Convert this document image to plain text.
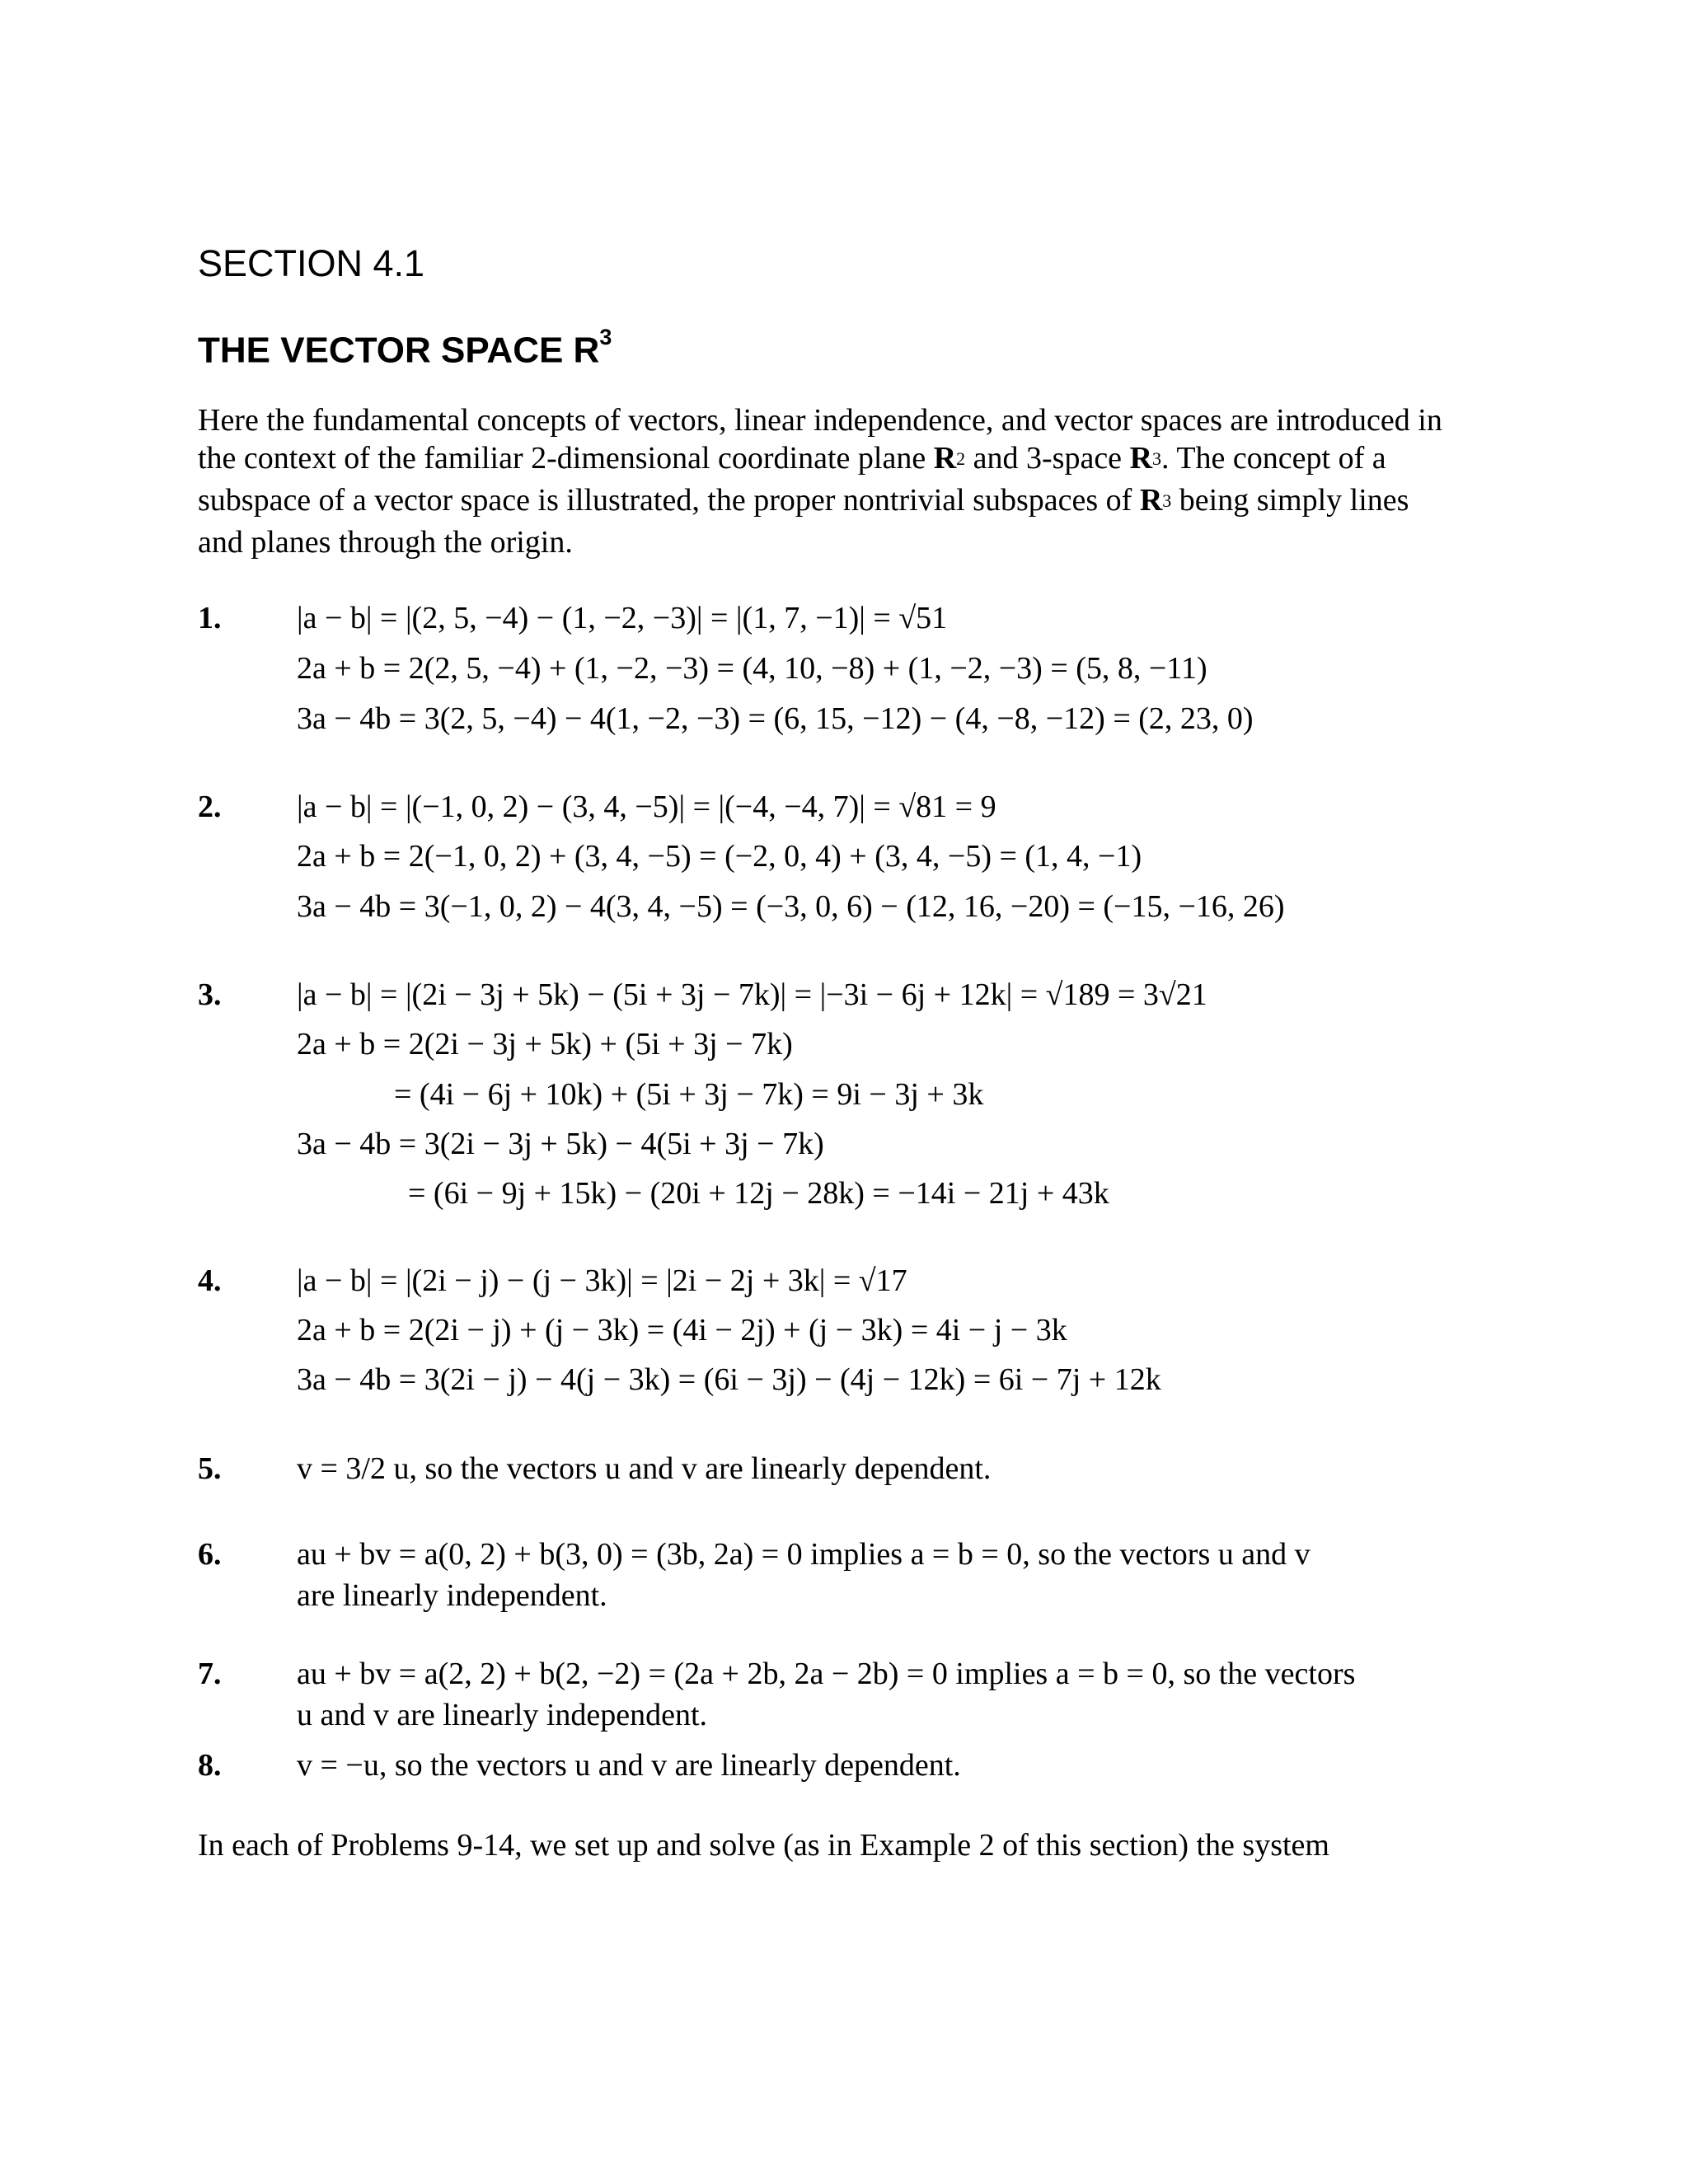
SECTION 4.1
THE VECTOR SPACE $R^3$

Here the fundamental concepts of vectors, linear independence, and vector spaces are introduced in

the context of the familiar 2-dimensional coordinate plane $R^2$ and 3-space $R^3$. The concept of a

subspace of a vector space is illustrated, the proper nontrivial subspaces of $R^3$ being simply lines

and planes through the origin.

1. |a − b| = |(2, 5, −4) − (1, −2, −3)| = |(1, 7, −1)| = √51
2a + b = 2(2, 5, −4) + (1, −2, −3) = (4, 10, −8) + (1, −2, −3) = (5, 8, −11)
3a − 4b = 3(2, 5, −4) − 4(1, −2, −3) = (6, 15, −12) − (4, −8, −12) = (2, 23, 0)
2. |a − b| = |(−1, 0, 2) − (3, 4, −5)| = |(−4, −4, 7)| = √81 = 9
2a + b = 2(−1, 0, 2) + (3, 4, −5) = (−2, 0, 4) + (3, 4, −5) = (1, 4, −1)
3a − 4b = 3(−1, 0, 2) − 4(3, 4, −5) = (−3, 0, 6) − (12, 16, −20) = (−15, −16, 26)
3. |a − b| = |(2i − 3j + 5k) − (5i + 3j − 7k)| = |−3i − 6j + 12k| = √189 = 3√21
2a + b = 2(2i − 3j + 5k) + (5i + 3j − 7k)
= (4i − 6j + 10k) + (5i + 3j − 7k) = 9i − 3j + 3k
3a − 4b = 3(2i − 3j + 5k) − 4(5i + 3j − 7k)
= (6i − 9j + 15k) − (20i + 12j − 28k) = −14i − 21j + 43k
4. |a − b| = |(2i − j) − (j − 3k)| = |2i − 2j + 3k| = √17
2a + b = 2(2i − j) + (j − 3k) = (4i − 2j) + (j − 3k) = 4i − j − 3k
3a − 4b = 3(2i − j) − 4(j − 3k) = (6i − 3j) − (4j − 12k) = 6i − 7j + 12k
5. v = 3/2 u, so the vectors u and v are linearly dependent.
6. au + bv = a(0, 2) + b(3, 0) = (3b, 2a) = 0 implies a = b = 0, so the vectors u and v
are linearly independent.
7. au + bv = a(2, 2) + b(2, −2) = (2a + 2b, 2a − 2b) = 0 implies a = b = 0, so the vectors
u and v are linearly independent.
8. v = −u, so the vectors u and v are linearly dependent.
In each of Problems 9-14, we set up and solve (as in Example 2 of this section) the system
